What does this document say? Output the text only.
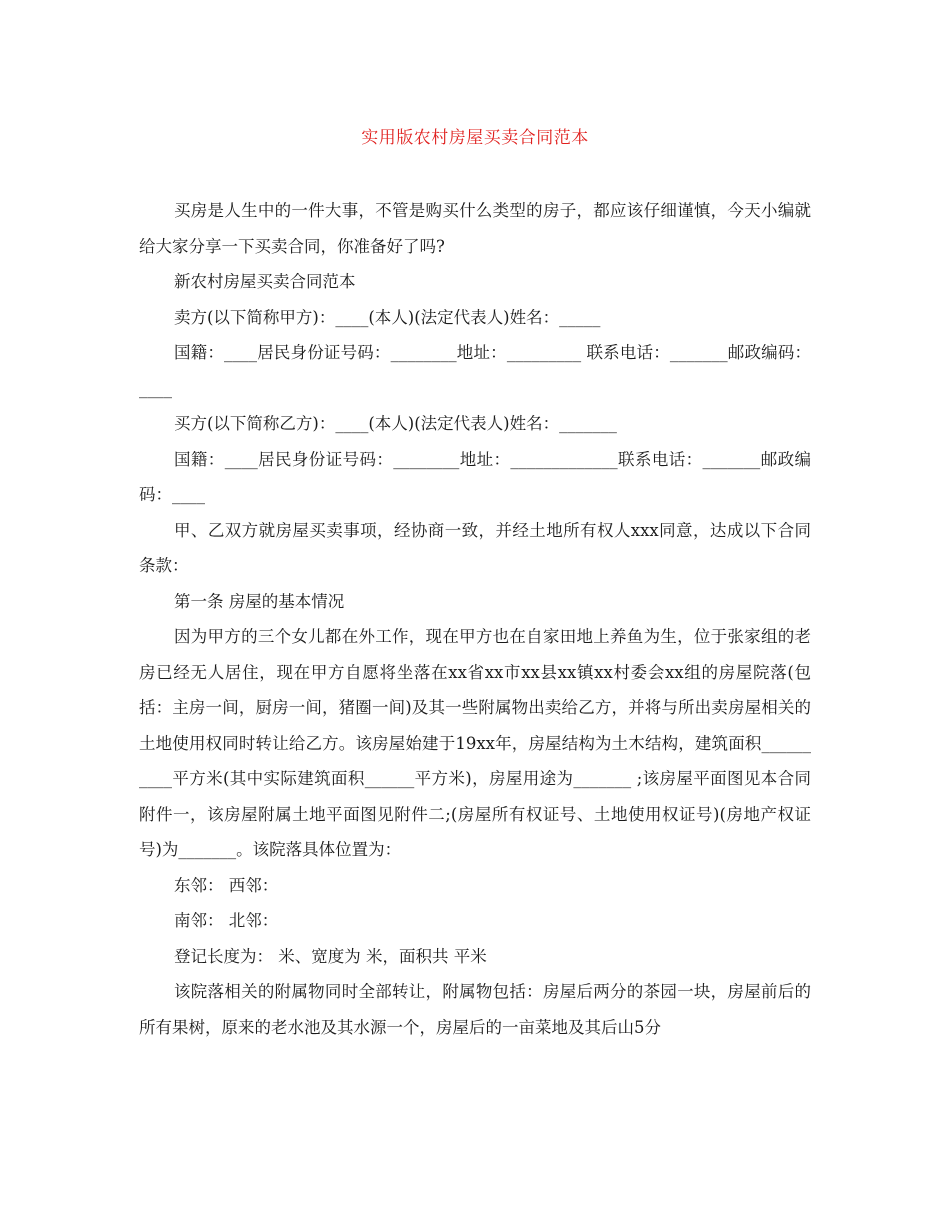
实用版农村房屋买卖合同范本

买房是人生中的一件大事，不管是购买什么类型的房子，都应该仔细谨慎，今天小编就给大家分享一下买卖合同，你准备好了吗?

新农村房屋买卖合同范本

卖方(以下简称甲方)：____(本人)(法定代表人)姓名：_____

国籍：____居民身份证号码：________地址：_________ 联系电话：_______邮政编码：____

买方(以下简称乙方)：____(本人)(法定代表人)姓名：_______

国籍：____居民身份证号码：________地址：_____________联系电话：_______邮政编码：____

甲、乙双方就房屋买卖事项，经协商一致，并经土地所有权人xxx同意，达成以下合同条款：

第一条 房屋的基本情况

因为甲方的三个女儿都在外工作，现在甲方也在自家田地上养鱼为生，位于张家组的老房已经无人居住，现在甲方自愿将坐落在xx省xx市xx县xx镇xx村委会xx组的房屋院落(包括：主房一间，厨房一间，猪圈一间)及其一些附属物出卖给乙方，并将与所出卖房屋相关的土地使用权同时转让给乙方。该房屋始建于19xx年，房屋结构为土木结构，建筑面积__________平方米(其中实际建筑面积______平方米)，房屋用途为_______ ;该房屋平面图见本合同附件一，该房屋附属土地平面图见附件二;(房屋所有权证号、土地使用权证号)(房地产权证号)为_______。该院落具体位置为：

东邻： 西邻：

南邻： 北邻：

登记长度为： 米、宽度为 米，面积共 平米

该院落相关的附属物同时全部转让，附属物包括：房屋后两分的茶园一块，房屋前后的所有果树，原来的老水池及其水源一个，房屋后的一亩菜地及其后山5分
